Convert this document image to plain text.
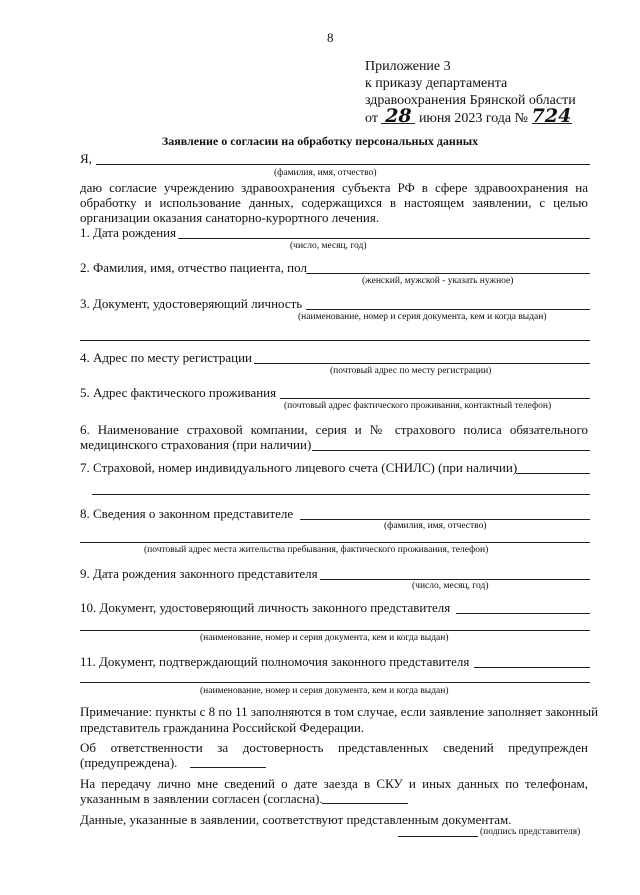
8
Приложение 3
к приказу департамента
здравоохранения Брянской области
от 28 июня 2023 года № 724
Заявление о согласии на обработку персональных данных
Я,
(фамилия, имя, отчество)
даю согласие учреждению здравоохранения субъекта РФ в сфере здравоохранения на
обработку и использование данных, содержащихся в настоящем заявлении, с целью
организации оказания санаторно-курортного лечения.
1. Дата рождения
(число, месяц, год)
2. Фамилия, имя, отчество пациента, пол
(женский, мужской - указать нужное)
3. Документ, удостоверяющий личность
(наименование, номер и серия документа, кем и когда выдан)
4. Адрес по месту регистрации
(почтовый адрес по месту регистрации)
5. Адрес фактического проживания
(почтовый адрес фактического проживания, контактный телефон)
6. Наименование страховой компании, серия и № страхового полиса обязательного
медицинского страхования (при наличии)
7. Страховой, номер индивидуального лицевого счета (СНИЛС) (при наличии)
8. Сведения о законном представителе
(фамилия, имя, отчество)
(почтовый адрес места жительства пребывания, фактического проживания, телефон)
9. Дата рождения законного представителя
(число, месяц, год)
10. Документ, удостоверяющий личность законного представителя
(наименование, номер и серия документа, кем и когда выдан)
11. Документ, подтверждающий полномочия законного представителя
(наименование, номер и серия документа, кем и когда выдан)
Примечание: пункты с 8 по 11 заполняются в том случае, если заявление заполняет законный
представитель гражданина Российской Федерации.
Об ответственности за достоверность представленных сведений предупрежден
(предупреждена).
На передачу лично мне сведений о дате заезда в СКУ и иных данных по телефонам,
указанным в заявлении согласен (согласна).
Данные, указанные в заявлении, соответствуют представленным документам.
(подпись представителя)
